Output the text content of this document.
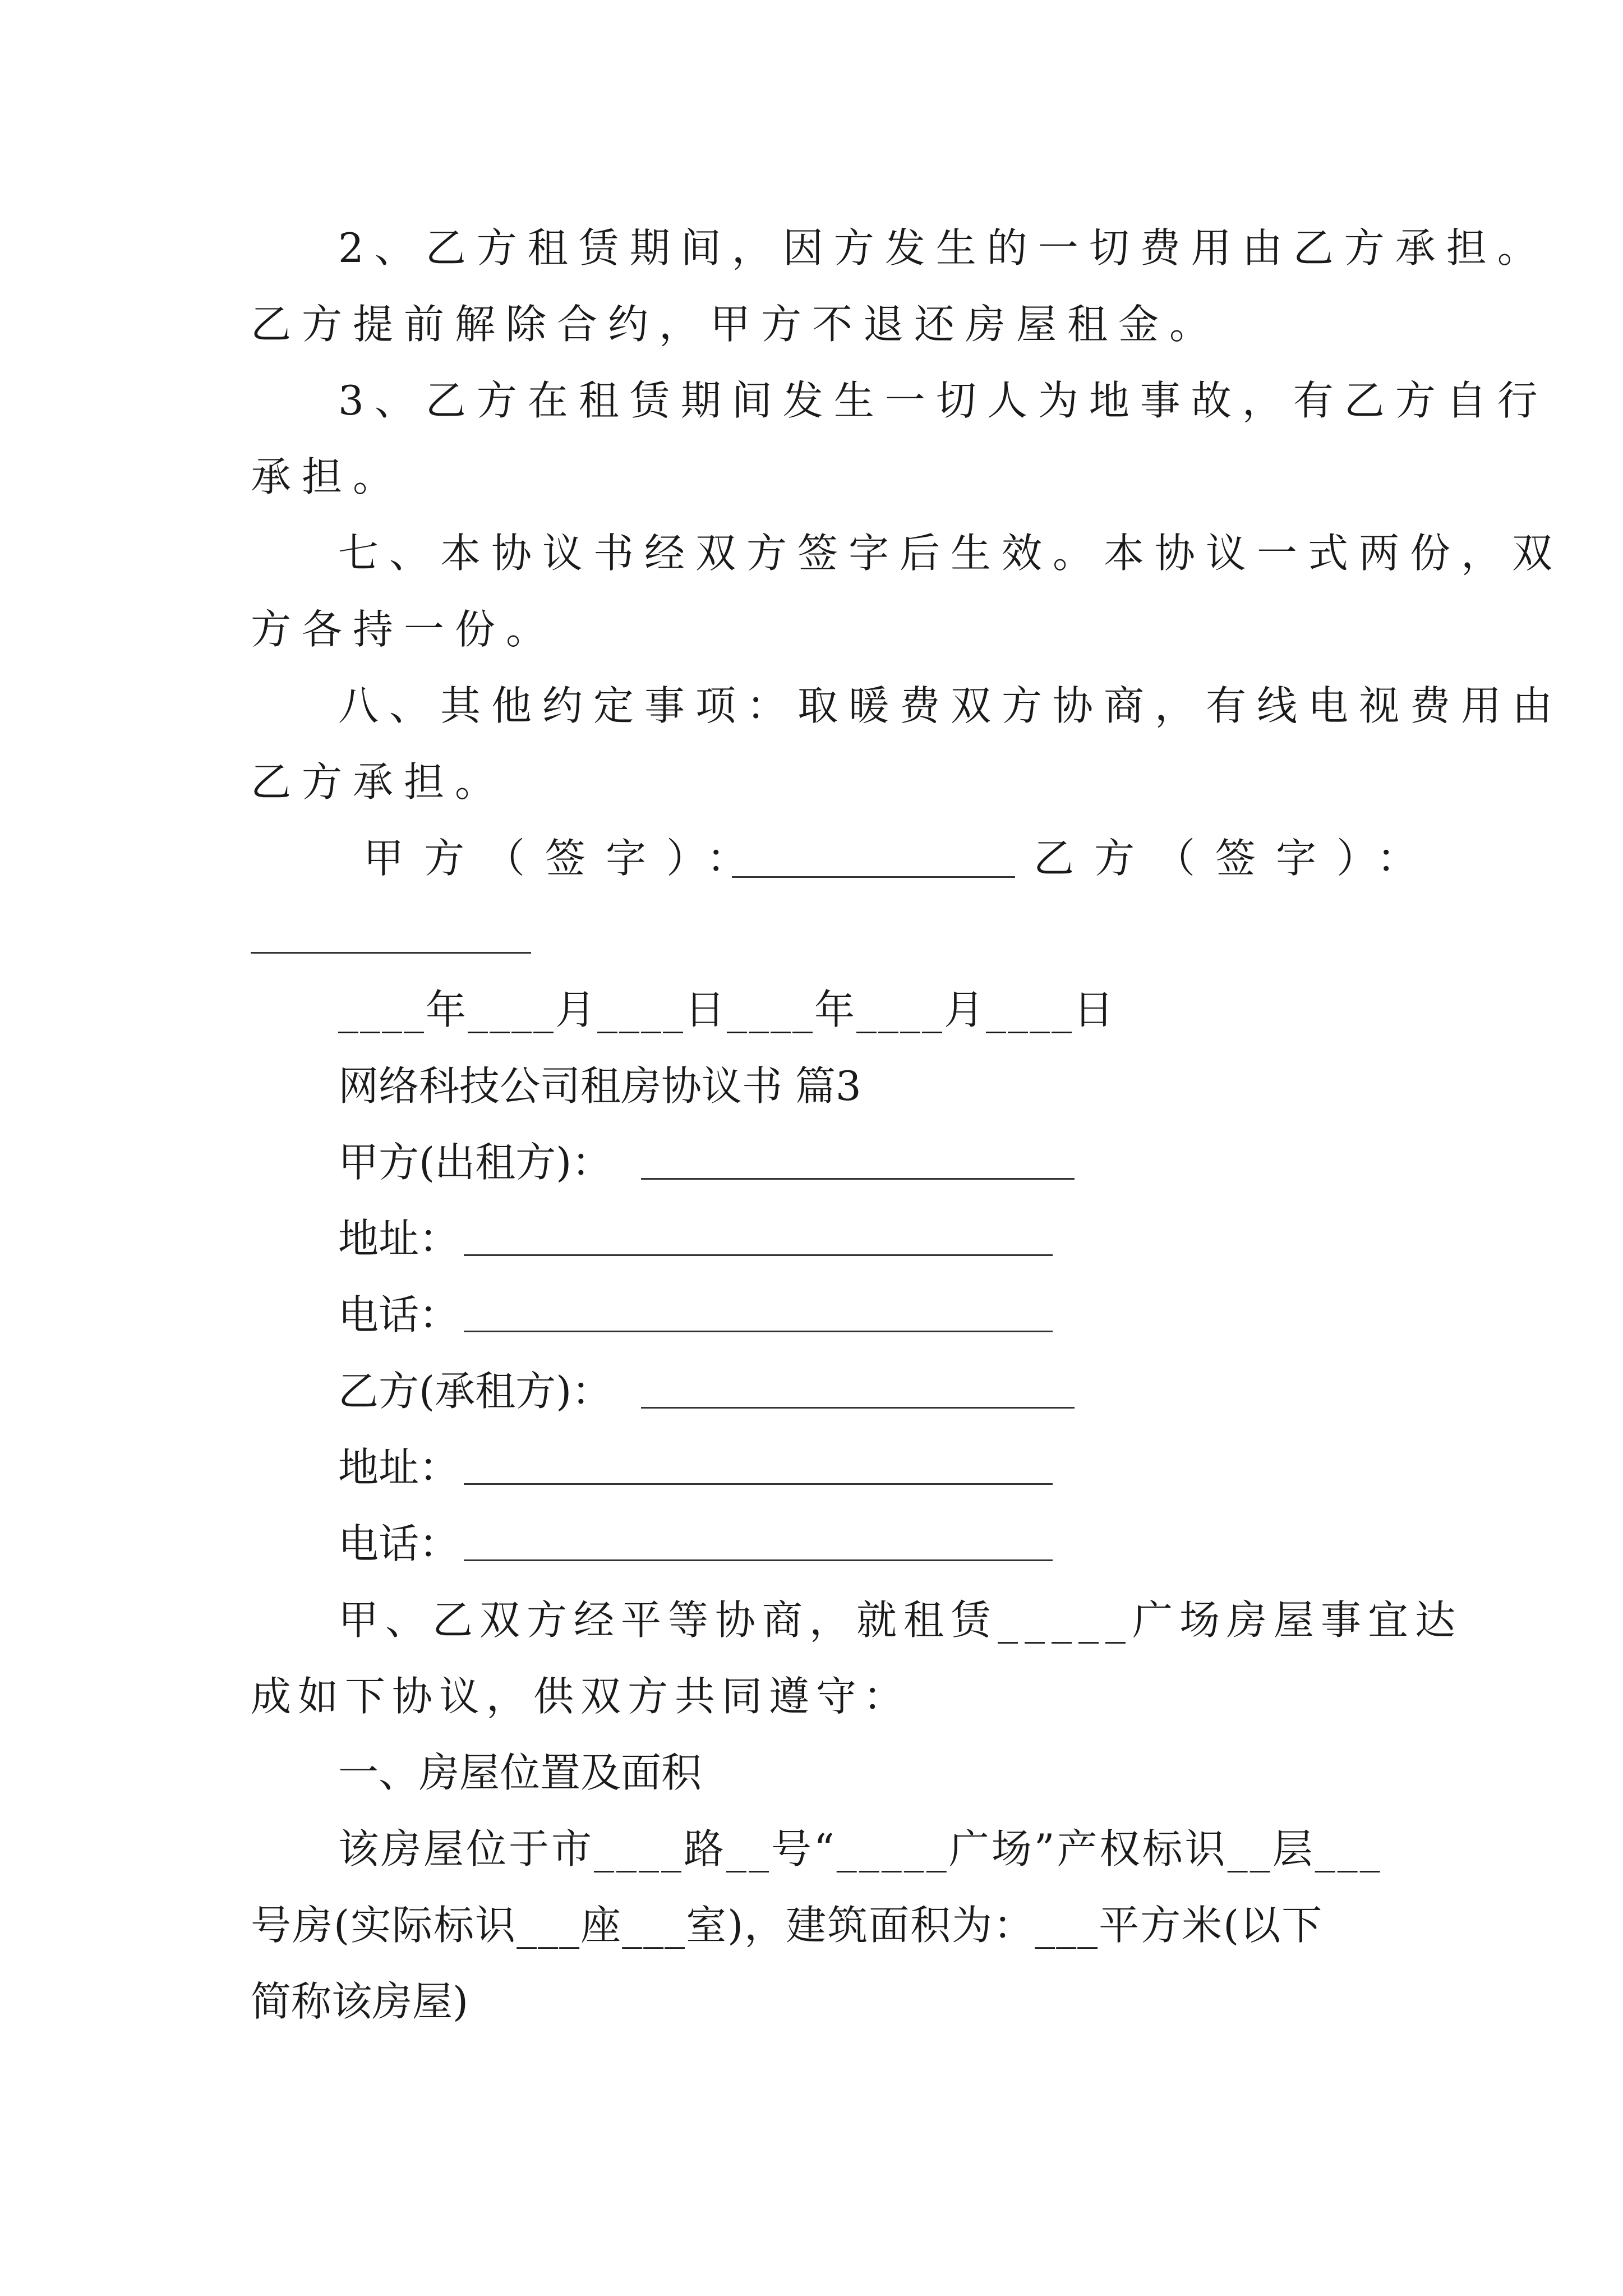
2、乙方租赁期间，因方发生的一切费用由乙方承担。
乙方提前解除合约，甲方不退还房屋租金。
3、乙方在租赁期间发生一切人为地事故，有乙方自行
承担。
七、本协议书经双方签字后生效。本协议一式两份，双
方各持一份。
八、其他约定事项：取暖费双方协商，有线电视费用由
乙方承担。
甲方（签字）：	乙方（签字）：
____年____月____日____年____月____日
网络科技公司租房协议书 篇3
甲方(出租方)：
地址：
电话：
乙方(承租方)：
地址：
电话：
甲、乙双方经平等协商，就租赁_____广场房屋事宜达
成如下协议，供双方共同遵守：
一、房屋位置及面积
该房屋位于市____路__号“_____广场”产权标识__层___
号房(实际标识___座___室)，建筑面积为：___平方米(以下
简称该房屋)
